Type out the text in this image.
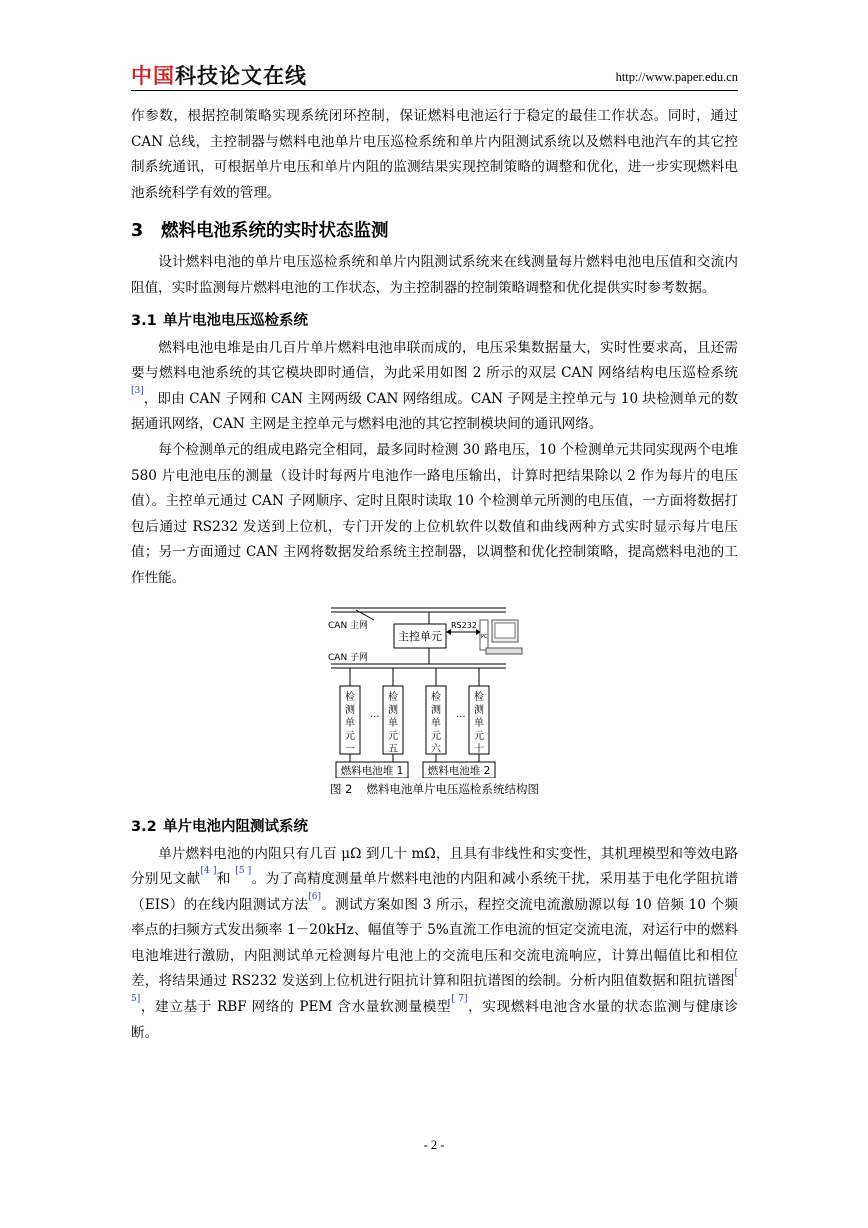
中国科技论文在线	http://www.paper.edu.cn

作参数，根据控制策略实现系统闭环控制，保证燃料电池运行于稳定的最佳工作状态。同时，通过 CAN 总线，主控制器与燃料电池单片电压巡检系统和单片内阻测试系统以及燃料电池汽车的其它控制系统通讯，可根据单片电压和单片内阻的监测结果实现控制策略的调整和优化，进一步实现燃料电池系统科学有效的管理。

3 燃料电池系统的实时状态监测

设计燃料电池的单片电压巡检系统和单片内阻测试系统来在线测量每片燃料电池电压值和交流内阻值，实时监测每片燃料电池的工作状态，为主控制器的控制策略调整和优化提供实时参考数据。

3.1 单片电池电压巡检系统

燃料电池电堆是由几百片单片燃料电池串联而成的，电压采集数据量大，实时性要求高，且还需要与燃料电池系统的其它模块即时通信，为此采用如图 2 所示的双层 CAN 网络结构电压巡检系统[3]，即由 CAN 子网和 CAN 主网两级 CAN 网络组成。CAN 子网是主控单元与 10 块检测单元的数据通讯网络，CAN 主网是主控单元与燃料电池的其它控制模块间的通讯网络。

每个检测单元的组成电路完全相同，最多同时检测 30 路电压，10 个检测单元共同实现两个电堆 580 片电池电压的测量（设计时每两片电池作一路电压输出，计算时把结果除以 2 作为每片的电压值）。主控单元通过 CAN 子网顺序、定时且限时读取 10 个检测单元所测的电压值，一方面将数据打包后通过 RS232 发送到上位机，专门开发的上位机软件以数值和曲线两种方式实时显示每片电压值；另一方面通过 CAN 主网将数据发给系统主控制器，以调整和优化控制策略，提高燃料电池的工作性能。

CAN 主网
主控单元
RS232
PC
CAN 子网
检
测
单
元
一
···
检
测
单
元
五
检
测
单
元
六
···
检
测
单
元
十
燃料电池堆 1 燃料电池堆 2
图 2 燃料电池单片电压巡检系统结构图
3.2 单片电池内阻测试系统

单片燃料电池的内阻只有几百 μΩ 到几十 mΩ，且具有非线性和实变性，其机理模型和等效电路分别见文献[4 ]和 [5 ]。为了高精度测量单片燃料电池的内阻和减小系统干扰，采用基于电化学阻抗谱（EIS）的在线内阻测试方法[6]。测试方案如图 3 所示，程控交流电流激励源以每 10 倍频 10 个频率点的扫频方式发出频率 1－20kHz、幅值等于 5%直流工作电流的恒定交流电流，对运行中的燃料电池堆进行激励，内阻测试单元检测每片电池上的交流电压和交流电流响应，计算出幅值比和相位差，将结果通过 RS232 发送到上位机进行阻抗计算和阻抗谱图的绘制。分析内阻值数据和阻抗谱图[ 5]，建立基于 RBF 网络的 PEM 含水量软测量模型[ 7]，实现燃料电池含水量的状态监测与健康诊断。

- 2 -
